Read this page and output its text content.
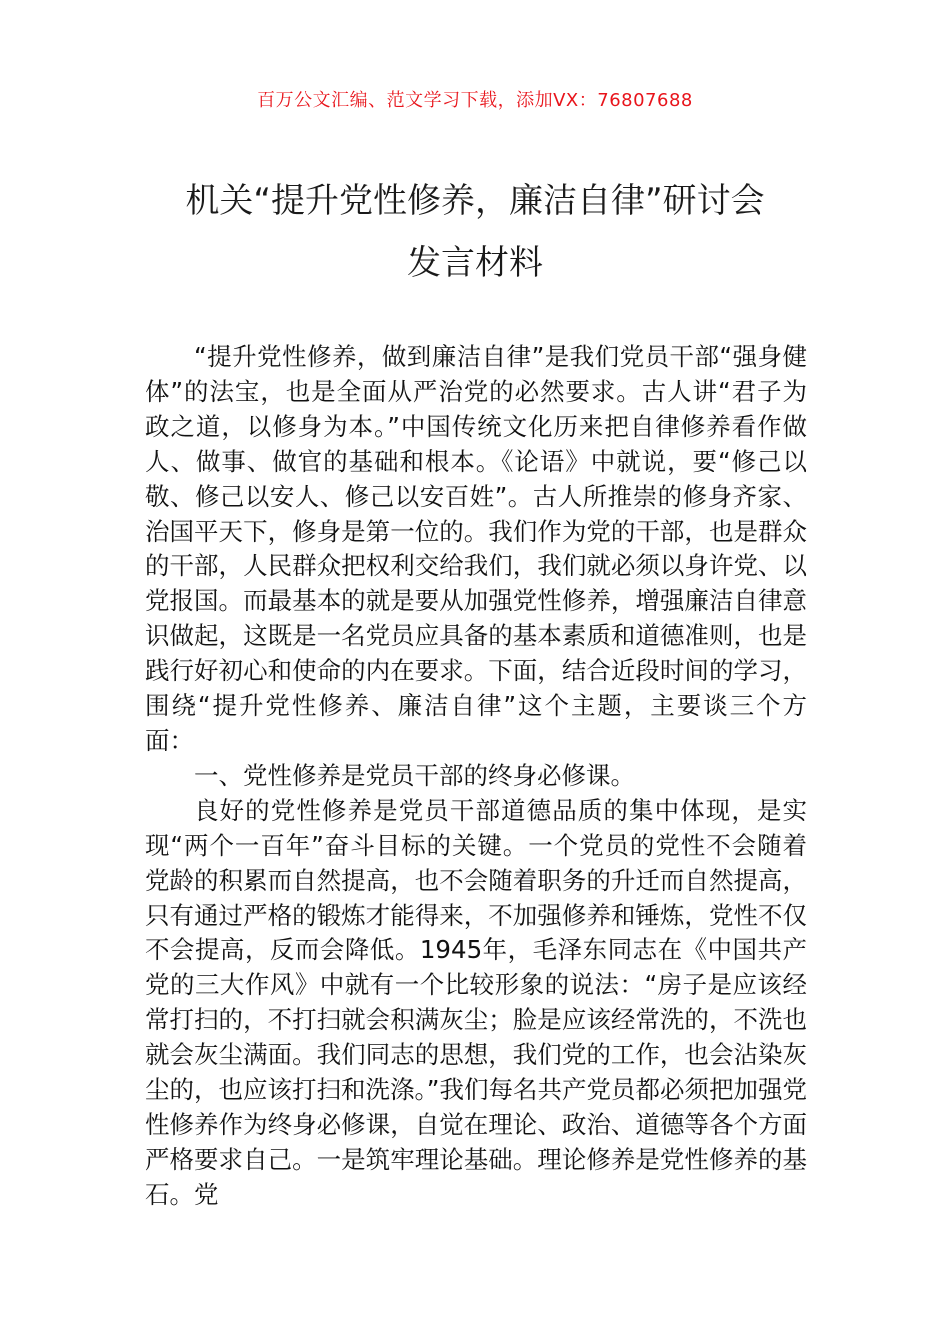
百万公文汇编、范文学习下载，添加VX：76807688
机关“提升党性修养，廉洁自律”研讨会
发言材料

“提升党性修养，做到廉洁自律”是我们党员干部“强身健体”的法宝，也是全面从严治党的必然要求。古人讲“君子为政之道，以修身为本。”中国传统文化历来把自律修养看作做人、做事、做官的基础和根本。《论语》中就说，要“修己以敬、修己以安人、修己以安百姓”。古人所推崇的修身齐家、治国平天下，修身是第一位的。我们作为党的干部，也是群众的干部，人民群众把权利交给我们，我们就必须以身许党、以党报国。而最基本的就是要从加强党性修养，增强廉洁自律意识做起，这既是一名党员应具备的基本素质和道德准则，也是践行好初心和使命的内在要求。下面，结合近段时间的学习，围绕“提升党性修养、廉洁自律”这个主题，主要谈三个方面：

一、党性修养是党员干部的终身必修课。

良好的党性修养是党员干部道德品质的集中体现，是实现“两个一百年”奋斗目标的关键。一个党员的党性不会随着党龄的积累而自然提高，也不会随着职务的升迁而自然提高，只有通过严格的锻炼才能得来，不加强修养和锤炼，党性不仅不会提高，反而会降低。1945年，毛泽东同志在《中国共产党的三大作风》中就有一个比较形象的说法：“房子是应该经常打扫的，不打扫就会积满灰尘；脸是应该经常洗的，不洗也就会灰尘满面。我们同志的思想，我们党的工作，也会沾染灰尘的，也应该打扫和洗涤。”我们每名共产党员都必须把加强党性修养作为终身必修课，自觉在理论、政治、道德等各个方面严格要求自己。一是筑牢理论基础。理论修养是党性修养的基石。党
